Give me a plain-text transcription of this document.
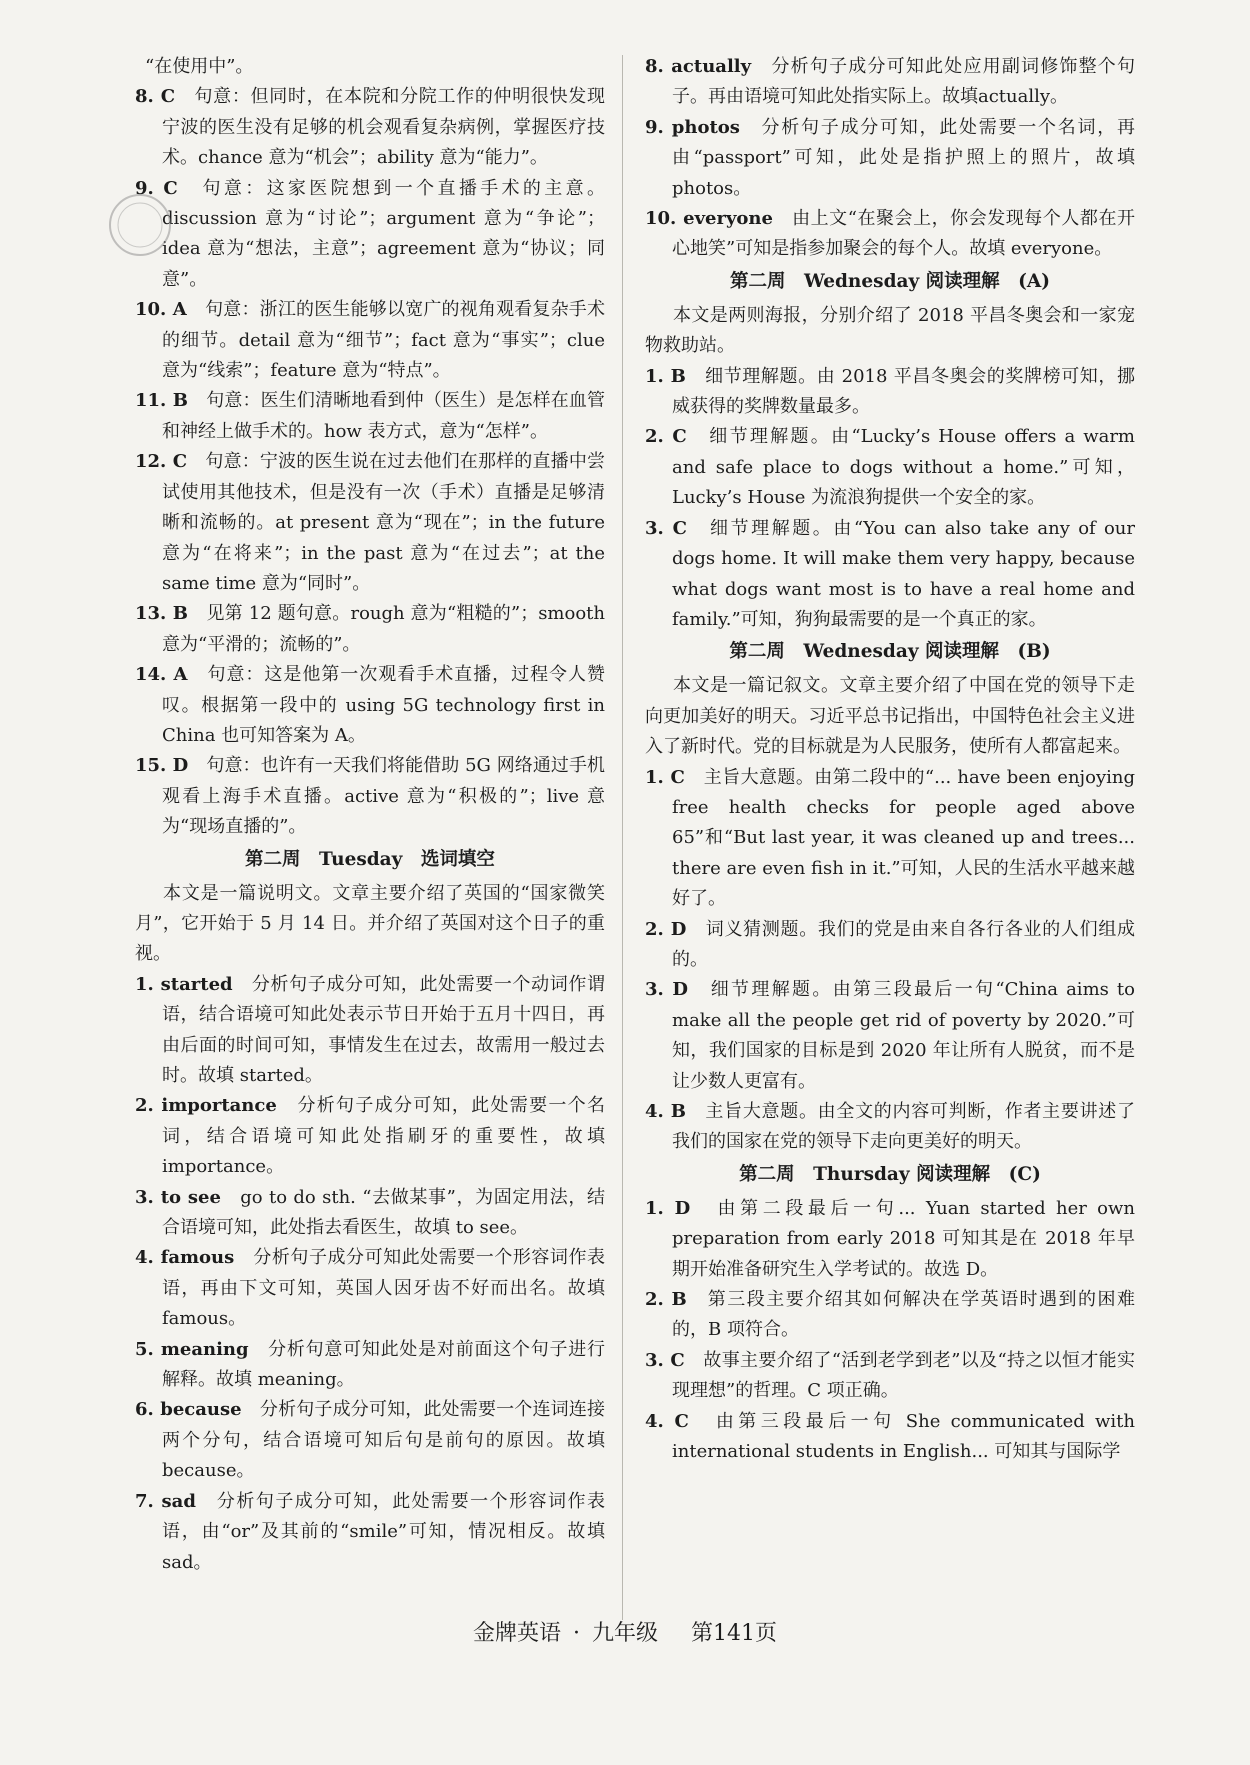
“在使用中”。

8. C　 句意：但同时，在本院和分院工作的仲明很快发现宁波的医生没有足够的机会观看复杂病例，掌握医疗技术。chance 意为“机会”；ability 意为“能力”。

9. C　 句意：这家医院想到一个直播手术的主意。discussion 意为“讨论”；argument 意为“争论”；idea 意为“想法，主意”；agreement 意为“协议；同意”。

10. A　 句意：浙江的医生能够以宽广的视角观看复杂手术的细节。detail 意为“细节”；fact 意为“事实”；clue 意为“线索”；feature 意为“特点”。

11. B　 句意：医生们清晰地看到仲（医生）是怎样在血管和神经上做手术的。how 表方式，意为“怎样”。

12. C　 句意：宁波的医生说在过去他们在那样的直播中尝试使用其他技术，但是没有一次（手术）直播是足够清晰和流畅的。at present 意为“现在”；in the future 意为“在将来”；in the past 意为“在过去”；at the same time 意为“同时”。

13. B　 见第 12 题句意。rough 意为“粗糙的”；smooth 意为“平滑的；流畅的”。

14. A　 句意：这是他第一次观看手术直播，过程令人赞叹。根据第一段中的 using 5G technology first in China 也可知答案为 A。

15. D　 句意：也许有一天我们将能借助 5G 网络通过手机观看上海手术直播。active 意为“积极的”；live 意为“现场直播的”。

第二周　Tuesday　选词填空

本文是一篇说明文。文章主要介绍了英国的“国家微笑月”，它开始于 5 月 14 日。并介绍了英国对这个日子的重视。

1. started　 分析句子成分可知，此处需要一个动词作谓语，结合语境可知此处表示节日开始于五月十四日，再由后面的时间可知，事情发生在过去，故需用一般过去时。故填 started。

2. importance　 分析句子成分可知，此处需要一个名词，结合语境可知此处指刷牙的重要性，故填importance。

3. to see　 go to do sth. “去做某事”，为固定用法，结合语境可知，此处指去看医生，故填 to see。

4. famous　 分析句子成分可知此处需要一个形容词作表语，再由下文可知，英国人因牙齿不好而出名。故填 famous。

5. meaning　 分析句意可知此处是对前面这个句子进行解释。故填 meaning。

6. because　 分析句子成分可知，此处需要一个连词连接两个分句，结合语境可知后句是前句的原因。故填 because。

7. sad　 分析句子成分可知，此处需要一个形容词作表语，由“or”及其前的“smile”可知，情况相反。故填 sad。

8. actually　 分析句子成分可知此处应用副词修饰整个句子。再由语境可知此处指实际上。故填actually。

9. photos　 分析句子成分可知，此处需要一个名词，再由“passport”可知，此处是指护照上的照片，故填 photos。

10. everyone　 由上文“在聚会上，你会发现每个人都在开心地笑”可知是指参加聚会的每个人。故填 everyone。

第二周　Wednesday 阅读理解　(A)

本文是两则海报，分别介绍了 2018 平昌冬奥会和一家宠物救助站。

1. B　 细节理解题。由 2018 平昌冬奥会的奖牌榜可知，挪威获得的奖牌数量最多。

2. C　 细节理解题。由“Lucky’s House offers a warm and safe place to dogs without a home.”可知，Lucky’s House 为流浪狗提供一个安全的家。

3. C　 细节理解题。由“You can also take any of our dogs home. It will make them very happy, because what dogs want most is to have a real home and family.”可知，狗狗最需要的是一个真正的家。

第二周　Wednesday 阅读理解　(B)

本文是一篇记叙文。文章主要介绍了中国在党的领导下走向更加美好的明天。习近平总书记指出，中国特色社会主义进入了新时代。党的目标就是为人民服务，使所有人都富起来。

1. C　 主旨大意题。由第二段中的“... have been enjoying free health checks for people aged above 65”和“But last year, it was cleaned up and trees... there are even fish in it.”可知，人民的生活水平越来越好了。

2. D　 词义猜测题。我们的党是由来自各行各业的人们组成的。

3. D　 细节理解题。由第三段最后一句“China aims to make all the people get rid of poverty by 2020.”可知，我们国家的目标是到 2020 年让所有人脱贫，而不是让少数人更富有。

4. B　 主旨大意题。由全文的内容可判断，作者主要讲述了我们的国家在党的领导下走向更美好的明天。

第二周　Thursday 阅读理解　(C)

1. D　 由第二段最后一句... Yuan started her own preparation from early 2018 可知其是在 2018 年早期开始准备研究生入学考试的。故选 D。

2. B　 第三段主要介绍其如何解决在学英语时遇到的困难的，B 项符合。

3. C　 故事主要介绍了“活到老学到老”以及“持之以恒才能实现理想”的哲理。C 项正确。

4. C　 由第三段最后一句 She communicated with international students in English... 可知其与国际学

金牌英语 · 九年级 第141页
